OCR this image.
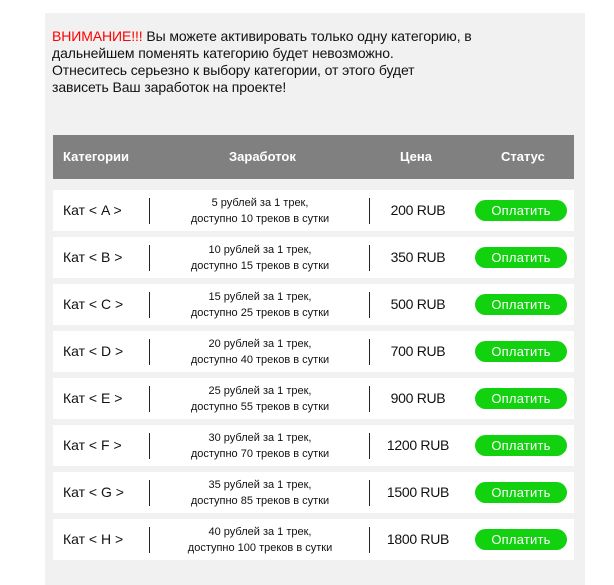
ВНИМАНИЕ!!! Вы можете активировать только одну категорию, в
дальнейшем поменять категорию будет невозможно.
Отнеситесь серьезно к выбору категории, от этого будет
зависеть Ваш заработок на проекте!
Категории	Заработок	Цена	Статус
Кат < A >	5 рублей за 1 трек,
доступно 10 треков в сутки
200 RUB	Оплатить
Кат < B >	10 рублей за 1 трек,
доступно 15 треков в сутки
350 RUB	Оплатить
Кат < C >	15 рублей за 1 трек,
доступно 25 треков в сутки
500 RUB	Оплатить
Кат < D >	20 рублей за 1 трек,
доступно 40 треков в сутки
700 RUB	Оплатить
Кат < E >	25 рублей за 1 трек,
доступно 55 треков в сутки
900 RUB	Оплатить
Кат < F >	30 рублей за 1 трек,
доступно 70 треков в сутки
1200 RUB	Оплатить
Кат < G >	35 рублей за 1 трек,
доступно 85 треков в сутки
1500 RUB	Оплатить
Кат < H >	40 рублей за 1 трек,
доступно 100 треков в сутки
1800 RUB	Оплатить
